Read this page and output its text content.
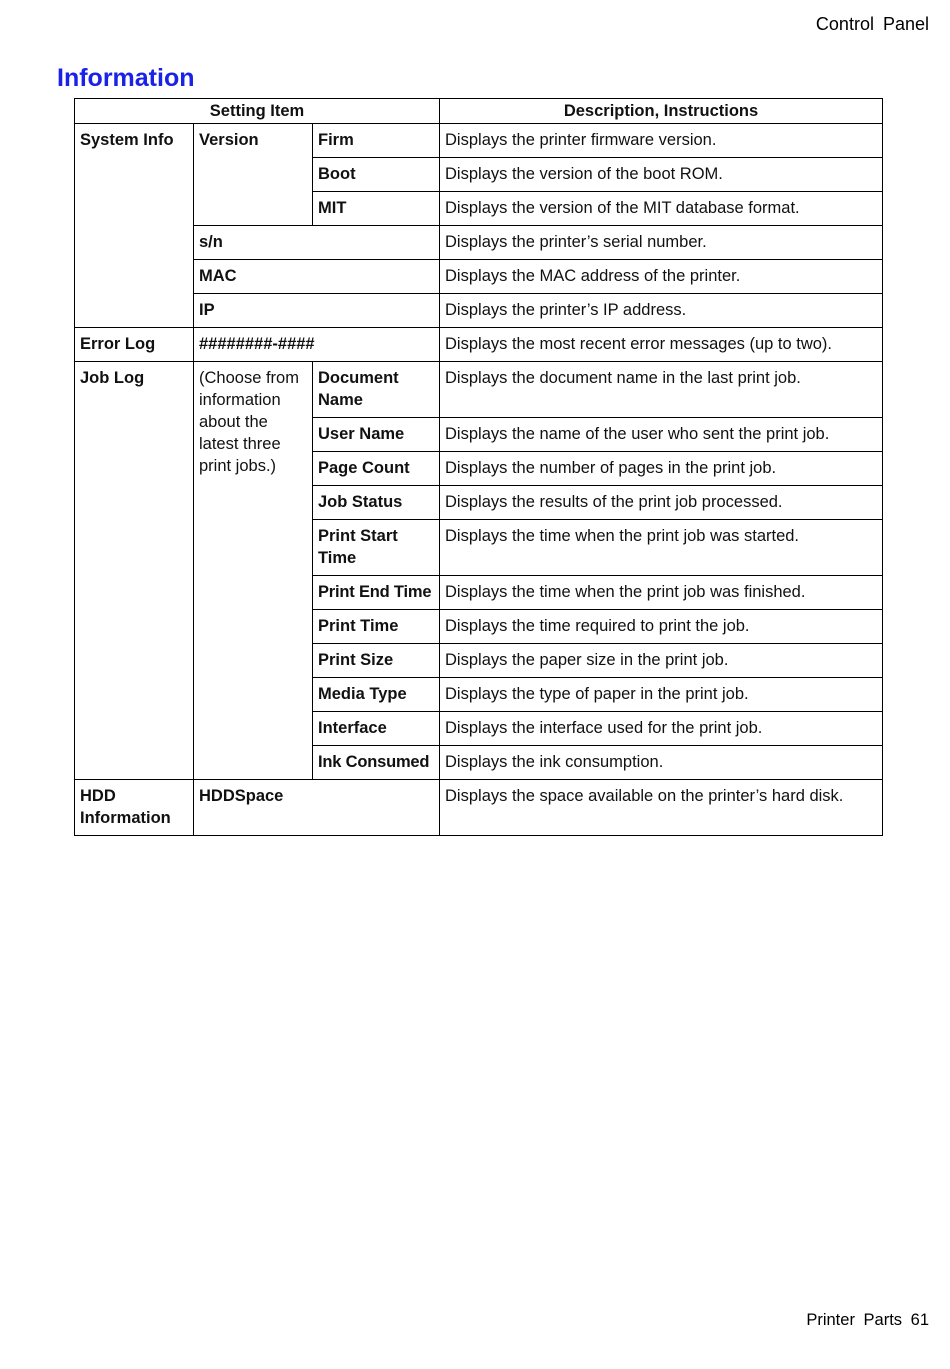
Control Panel
Information
Setting Item			Description, Instructions
System Info	Version	Firm	Displays the printer firmware version.
		Boot	Displays the version of the boot ROM.
		MIT	Displays the version of the MIT database format.
	s/n		Displays the printer’s serial number.
	MAC		Displays the MAC address of the printer.
	IP		Displays the printer’s IP address.
Error Log	########-####		Displays the most recent error messages (up to two).
Job Log	(Choose from
information
about the
latest three
print jobs.)	Document Name	Displays the document name in the last print job.
		User Name	Displays the name of the user who sent the print job.
		Page Count	Displays the number of pages in the print job.
		Job Status	Displays the results of the print job processed.
		Print Start Time	Displays the time when the print job was started.
		Print End Time	Displays the time when the print job was finished.
		Print Time	Displays the time required to print the job.
		Print Size	Displays the paper size in the print job.
		Media Type	Displays the type of paper in the print job.
		Interface	Displays the interface used for the print job.
		Ink Consumed	Displays the ink consumption.
HDD Information	HDDSpace		Displays the space available on the printer’s hard disk.
Printer Parts 61
